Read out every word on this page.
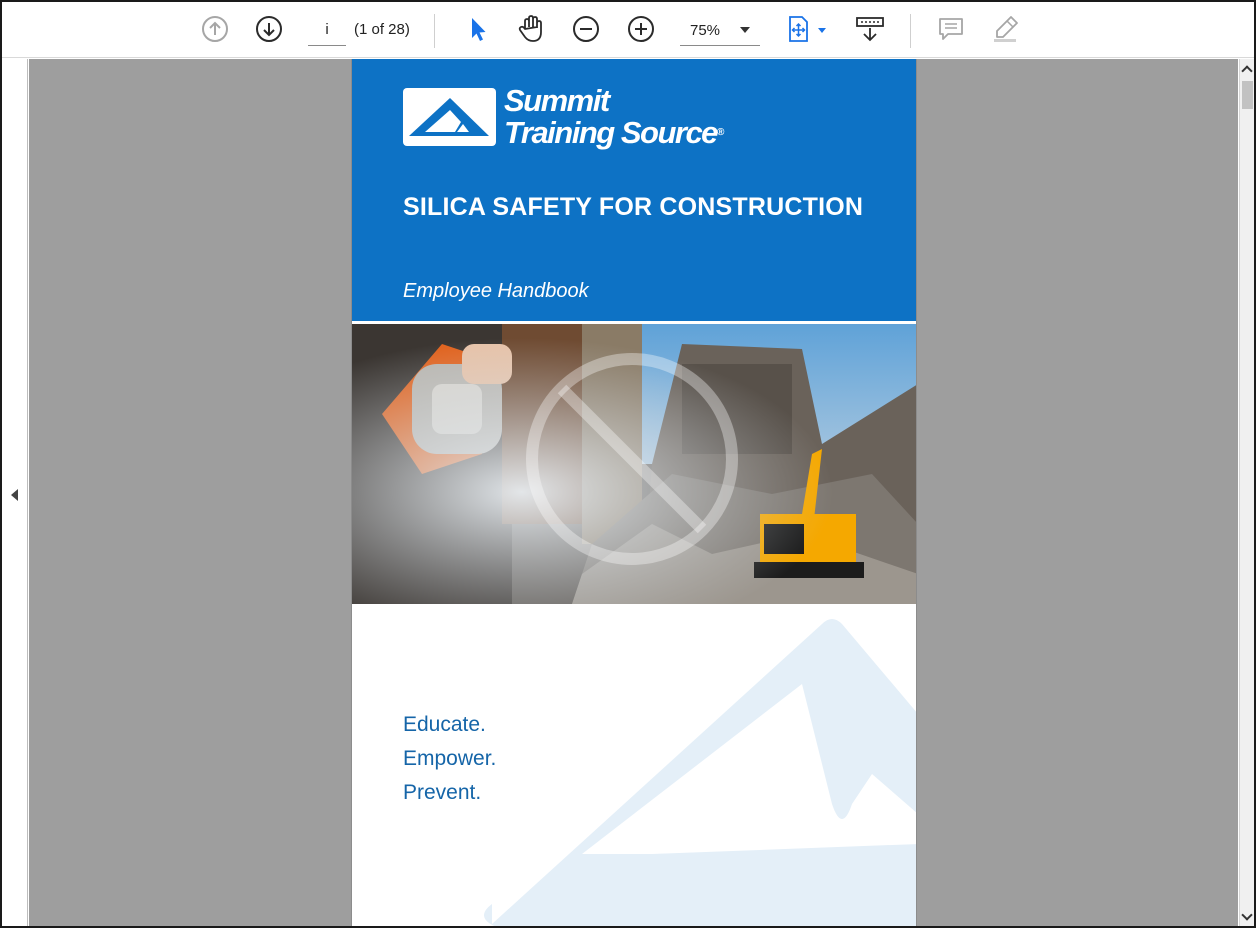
i
(1 of 28)	75%
Summit
Training Source®
SILICA SAFETY FOR CONSTRUCTION
Employee Handbook
Educate.
Empower.
Prevent.
